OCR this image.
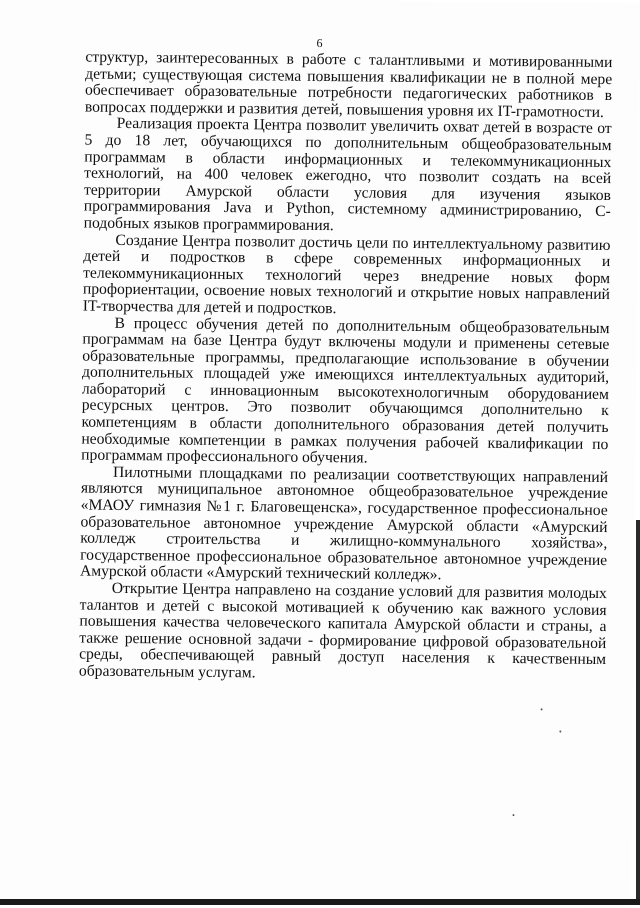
6

структур, заинтересованных в работе с талантливыми и мотивированными детьми; существующая система повышения квалификации не в полной мере обеспечивает образовательные потребности педагогических работников в вопросах поддержки и развития детей, повышения уровня их IT-грамотности.

Реализация проекта Центра позволит увеличить охват детей в возрасте от 5 до 18 лет, обучающихся по дополнительным общеобразовательным программам в области информационных и телекоммуникационных технологий, на 400 человек ежегодно, что позволит создать на всей территории Амурской области условия для изучения языков программирования Java и Python, системному администрированию, С-подобных языков программирования.

Создание Центра позволит достичь цели по интеллектуальному развитию детей и подростков в сфере современных информационных и телекоммуникационных технологий через внедрение новых форм профориентации, освоение новых технологий и открытие новых направлений IT-творчества для детей и подростков.

В процесс обучения детей по дополнительным общеобразовательным программам на базе Центра будут включены модули и применены сетевые образовательные программы, предполагающие использование в обучении дополнительных площадей уже имеющихся интеллектуальных аудиторий, лабораторий с инновационным высокотехнологичным оборудованием ресурсных центров. Это позволит обучающимся дополнительно к компетенциям в области дополнительного образования детей получить необходимые компетенции в рамках получения рабочей квалификации по программам профессионального обучения.

Пилотными площадками по реализации соответствующих направлений являются муниципальное автономное общеобразовательное учреждение «МАОУ гимназия №1 г. Благовещенска», государственное профессиональное образовательное автономное учреждение Амурской области «Амурский колледж строительства и жилищно-коммунального хозяйства», государственное профессиональное образовательное автономное учреждение Амурской области «Амурский технический колледж».

Открытие Центра направлено на создание условий для развития молодых талантов и детей с высокой мотивацией к обучению как важного условия повышения качества человеческого капитала Амурской области и страны, а также решение основной задачи - формирование цифровой образовательной среды, обеспечивающей равный доступ населения к качественным образовательным услугам.
